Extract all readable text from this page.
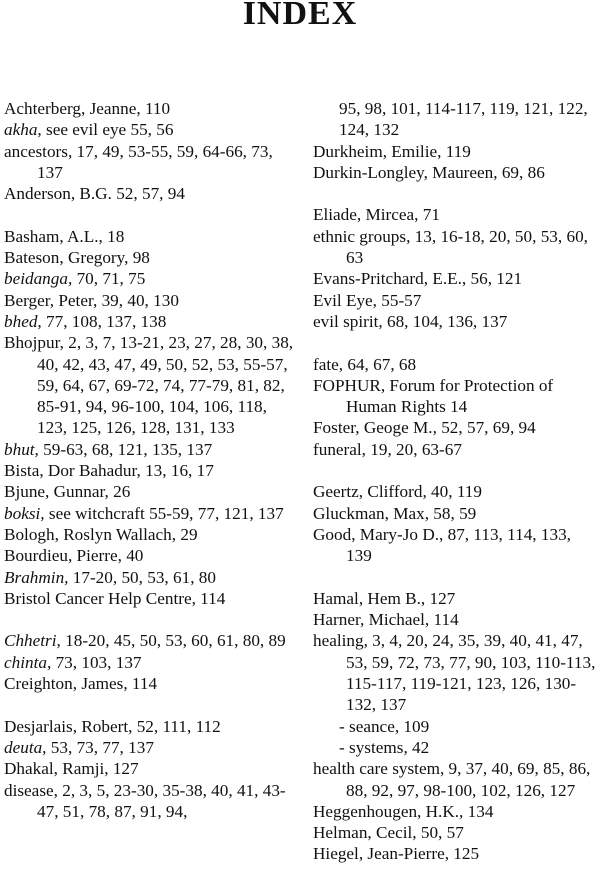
INDEX
Achterberg, Jeanne, 110
akha, see evil eye 55, 56
ancestors, 17, 49, 53-55, 59, 64-66, 73, 137
Anderson, B.G. 52, 57, 94
Basham, A.L., 18
Bateson, Gregory, 98
beidanga, 70, 71, 75
Berger, Peter, 39, 40, 130
bhed, 77, 108, 137, 138
Bhojpur, 2, 3, 7, 13-21, 23, 27, 28, 30, 38, 40, 42, 43, 47, 49, 50, 52, 53, 55-57, 59, 64, 67, 69-72, 74, 77-79, 81, 82, 85-91, 94, 96-100, 104, 106, 118, 123, 125, 126, 128, 131, 133
bhut, 59-63, 68, 121, 135, 137
Bista, Dor Bahadur, 13, 16, 17
Bjune, Gunnar, 26
boksi, see witchcraft 55-59, 77, 121, 137
Bologh, Roslyn Wallach, 29
Bourdieu, Pierre, 40
Brahmin, 17-20, 50, 53, 61, 80
Bristol Cancer Help Centre, 114
Chhetri, 18-20, 45, 50, 53, 60, 61, 80, 89
chinta, 73, 103, 137
Creighton, James, 114
Desjarlais, Robert, 52, 111, 112
deuta, 53, 73, 77, 137
Dhakal, Ramji, 127
disease, 2, 3, 5, 23-30, 35-38, 40, 41, 43-47, 51, 78, 87, 91, 94,
95, 98, 101, 114-117, 119, 121, 122, 124, 132
Durkheim, Emilie, 119
Durkin-Longley, Maureen, 69, 86
Eliade, Mircea, 71
ethnic groups, 13, 16-18, 20, 50, 53, 60, 63
Evans-Pritchard, E.E., 56, 121
Evil Eye, 55-57
evil spirit, 68, 104, 136, 137
fate, 64, 67, 68
FOPHUR, Forum for Protection of Human Rights 14
Foster, Geoge M., 52, 57, 69, 94
funeral, 19, 20, 63-67
Geertz, Clifford, 40, 119
Gluckman, Max, 58, 59
Good, Mary-Jo D., 87, 113, 114, 133, 139
Hamal, Hem B., 127
Harner, Michael, 114
healing, 3, 4, 20, 24, 35, 39, 40, 41, 47, 53, 59, 72, 73, 77, 90, 103, 110-113, 115-117, 119-121, 123, 126, 130-132, 137
- seance, 109
- systems, 42
health care system, 9, 37, 40, 69, 85, 86, 88, 92, 97, 98-100, 102, 126, 127
Heggenhougen, H.K., 134
Helman, Cecil, 50, 57
Hiegel, Jean-Pierre, 125
